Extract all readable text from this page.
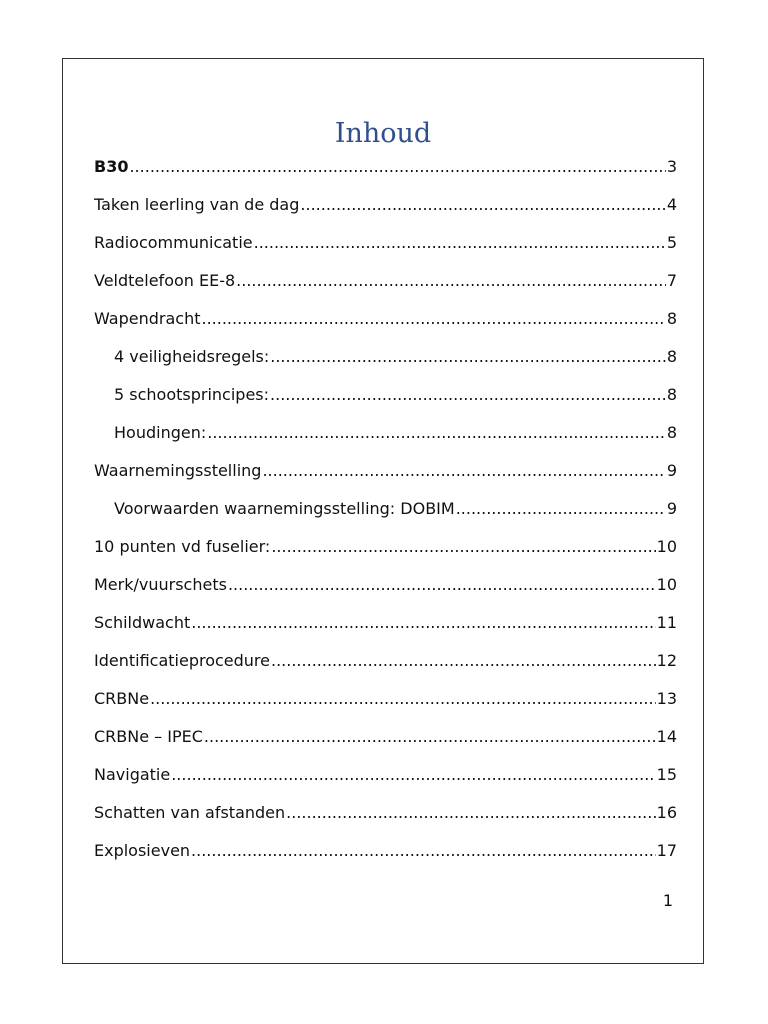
Inhoud
B30 .....	3
Taken leerling van de dag .....	4
Radiocommunicatie .....	5
Veldtelefoon EE-8 .....	7
Wapendracht .....	8
4 veiligheidsregels: .....	8
5 schootsprincipes: .....	8
Houdingen: .....	8
Waarnemingsstelling .....	9
Voorwaarden waarnemingsstelling: DOBIM .....	9
10 punten vd fuselier: .....	10
Merk/vuurschets .....	10
Schildwacht .....	11
Identificatieprocedure .....	12
CRBNe .....	13
CRBNe – IPEC .....	14
Navigatie .....	15
Schatten van afstanden .....	16
Explosieven .....	17
1
